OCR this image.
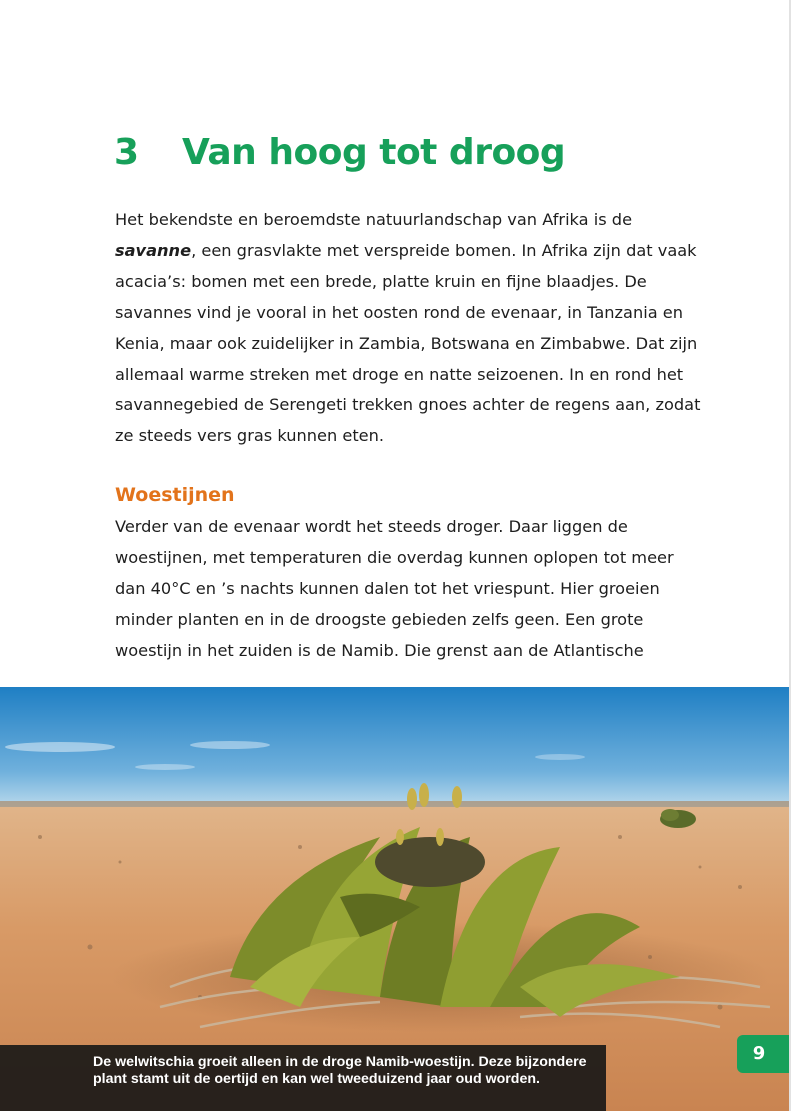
3 Van hoog tot droog
Het bekendste en beroemdste natuurlandschap van Afrika is de
savanne, een grasvlakte met verspreide bomen. In Afrika zijn dat vaak
acacia’s: bomen met een brede, platte kruin en fijne blaadjes. De
savannes vind je vooral in het oosten rond de evenaar, in Tanzania en
Kenia, maar ook zuidelijker in Zambia, Botswana en Zimbabwe. Dat zijn
allemaal warme streken met droge en natte seizoenen. In en rond het
savannegebied de Serengeti trekken gnoes achter de regens aan, zodat
ze steeds vers gras kunnen eten.
Woestijnen
Verder van de evenaar wordt het steeds droger. Daar liggen de
woestijnen, met temperaturen die overdag kunnen oplopen tot meer
dan 40°C en ’s nachts kunnen dalen tot het vriespunt. Hier groeien
minder planten en in de droogste gebieden zelfs geen. Een grote
woestijn in het zuiden is de Namib. Die grenst aan de Atlantische
De welwitschia groeit alleen in de droge Namib-woestijn. Deze bijzondere
plant stamt uit de oertijd en kan wel tweeduizend jaar oud worden.
9
